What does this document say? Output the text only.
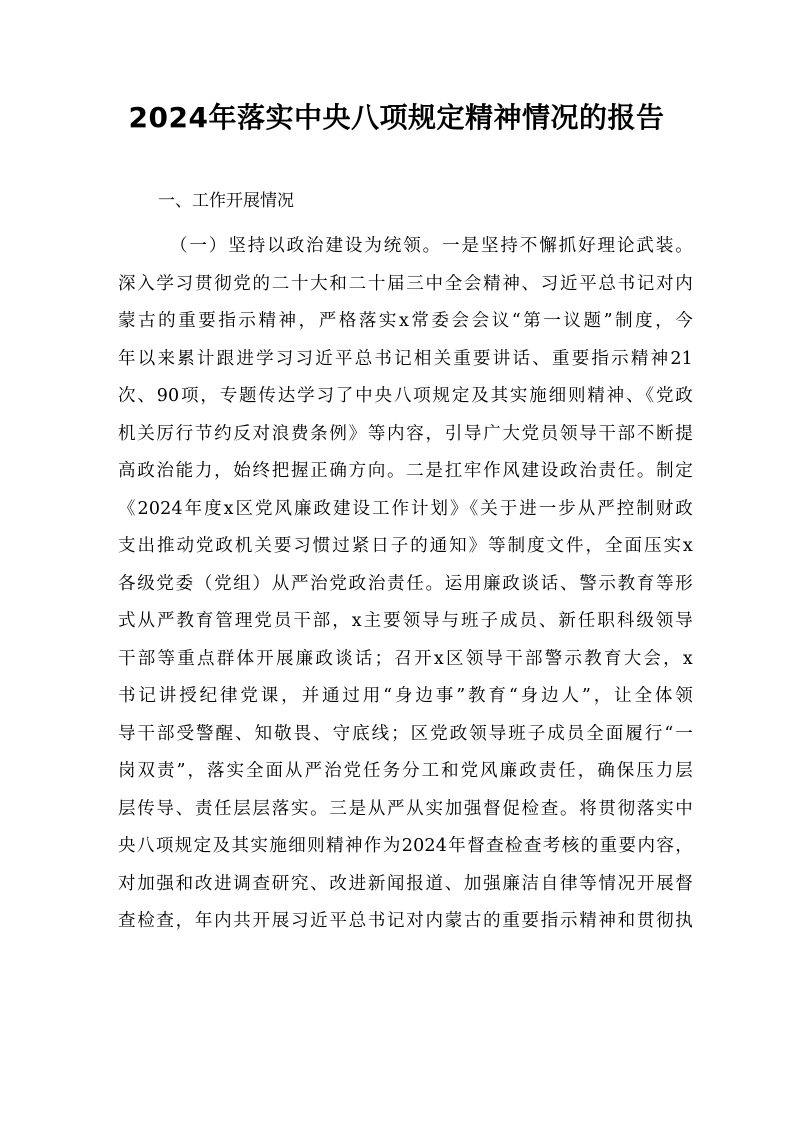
2024年落实中央八项规定精神情况的报告
一、工作开展情况
（一）坚持以政治建设为统领。一是坚持不懈抓好理论武装。
深入学习贯彻党的二十大和二十届三中全会精神、习近平总书记对内
蒙古的重要指示精神，严格落实x常委会会议“第一议题”制度，今
年以来累计跟进学习习近平总书记相关重要讲话、重要指示精神21
次、90项，专题传达学习了中央八项规定及其实施细则精神、《党政
机关厉行节约反对浪费条例》等内容，引导广大党员领导干部不断提
高政治能力，始终把握正确方向。二是扛牢作风建设政治责任。制定
《2024年度x区党风廉政建设工作计划》《关于进一步从严控制财政
支出推动党政机关要习惯过紧日子的通知》等制度文件，全面压实x
各级党委（党组）从严治党政治责任。运用廉政谈话、警示教育等形
式从严教育管理党员干部，x主要领导与班子成员、新任职科级领导
干部等重点群体开展廉政谈话；召开x区领导干部警示教育大会，x
书记讲授纪律党课，并通过用“身边事”教育“身边人”，让全体领
导干部受警醒、知敬畏、守底线；区党政领导班子成员全面履行“一
岗双责”，落实全面从严治党任务分工和党风廉政责任，确保压力层
层传导、责任层层落实。三是从严从实加强督促检查。将贯彻落实中
央八项规定及其实施细则精神作为2024年督查检查考核的重要内容，
对加强和改进调查研究、改进新闻报道、加强廉洁自律等情况开展督
查检查，年内共开展习近平总书记对内蒙古的重要指示精神和贯彻执
